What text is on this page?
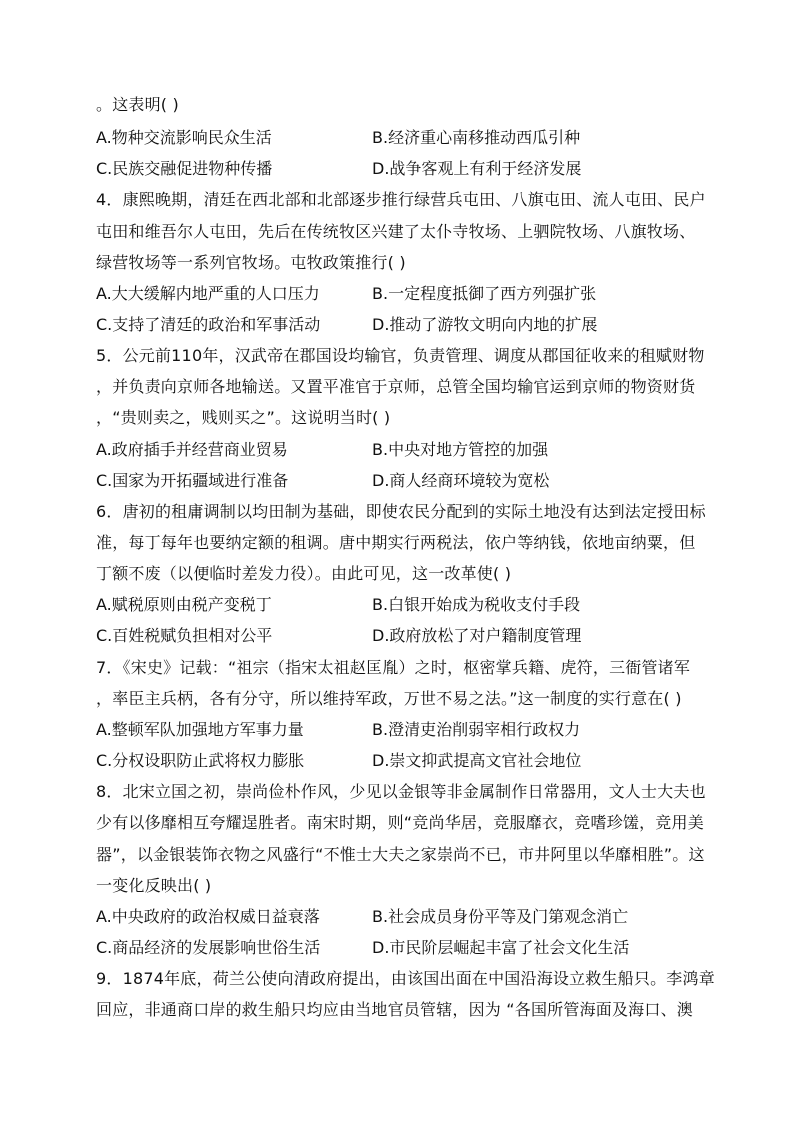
。这表明( )
A.物种交流影响民众生活	B.经济重心南移推动西瓜引种
C.民族交融促进物种传播	D.战争客观上有利于经济发展
4．康熙晚期，清廷在西北部和北部逐步推行绿营兵屯田、八旗屯田、流人屯田、民户
屯田和维吾尔人屯田，先后在传统牧区兴建了太仆寺牧场、上驷院牧场、八旗牧场、
绿营牧场等一系列官牧场。屯牧政策推行( )
A.大大缓解内地严重的人口压力	B.一定程度抵御了西方列强扩张
C.支持了清廷的政治和军事活动	D.推动了游牧文明向内地的扩展
5．公元前110年，汉武帝在郡国设均输官，负责管理、调度从郡国征收来的租赋财物
，并负责向京师各地输送。又置平准官于京师，总管全国均输官运到京师的物资财货
，“贵则卖之，贱则买之”。这说明当时( )
A.政府插手并经营商业贸易	B.中央对地方管控的加强
C.国家为开拓疆域进行准备	D.商人经商环境较为宽松
6．唐初的租庸调制以均田制为基础，即使农民分配到的实际土地没有达到法定授田标
准，每丁每年也要纳定额的租调。唐中期实行两税法，依户等纳钱，依地亩纳粟，但
丁额不废（以便临时差发力役）。由此可见，这一改革使( )
A.赋税原则由税产变税丁	B.白银开始成为税收支付手段
C.百姓税赋负担相对公平	D.政府放松了对户籍制度管理
7．《宋史》记载：“祖宗（指宋太祖赵匡胤）之时，枢密掌兵籍、虎符，三衙管诸军
，率臣主兵柄，各有分守，所以维持军政，万世不易之法。”这一制度的实行意在( )
A.整顿军队加强地方军事力量	B.澄清吏治削弱宰相行政权力
C.分权设职防止武将权力膨胀	D.崇文抑武提高文官社会地位
8．北宋立国之初，崇尚俭朴作风，少见以金银等非金属制作日常器用，文人士大夫也
少有以侈靡相互夸耀逞胜者。南宋时期，则“竞尚华居，竞服靡衣，竞嗜珍馐，竞用美
器”，以金银装饰衣物之风盛行“不惟士大夫之家崇尚不已，市井阿里以华靡相胜”。这
一变化反映出( )
A.中央政府的政治权威日益衰落	B.社会成员身份平等及门第观念消亡
C.商品经济的发展影响世俗生活	D.市民阶层崛起丰富了社会文化生活
9．1874年底，荷兰公使向清政府提出，由该国出面在中国沿海设立救生船只。李鸿章
回应，非通商口岸的救生船只均应由当地官员管辖，因为 “各国所管海面及海口、澳
